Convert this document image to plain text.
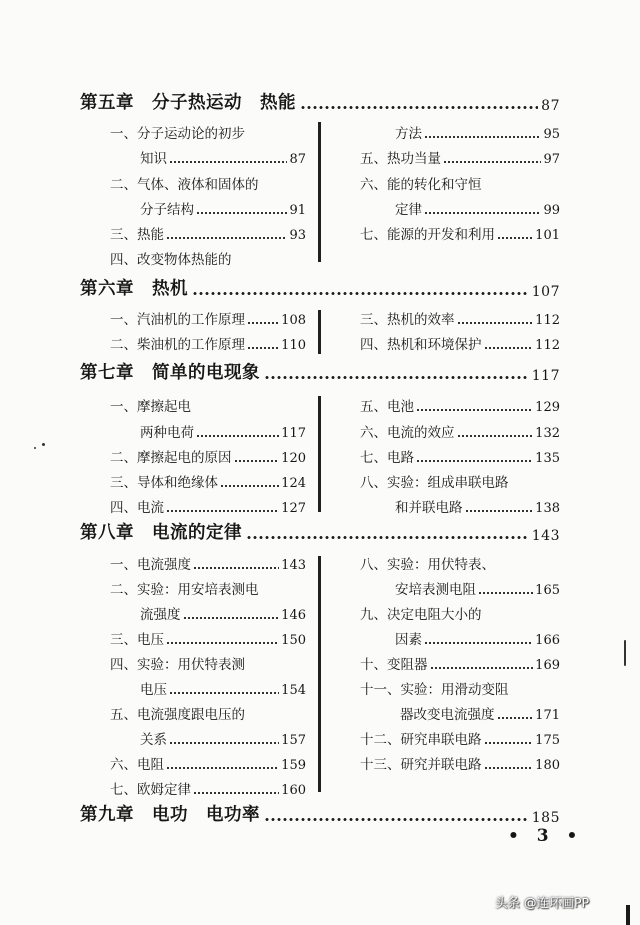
第五章　分子热运动　热能	87
一、分子运动论的初步
知识	87
二、气体、液体和固体的
分子结构	91
三、热能	93
四、改变物体热能的
方法	95
五、热功当量	97
六、能的转化和守恒
定律	99
七、能源的开发和利用	101
第六章　热机	107
一、汽油机的工作原理	108
二、柴油机的工作原理	110
三、热机的效率	112
四、热机和环境保护	112
第七章　简单的电现象	117
一、摩擦起电
两种电荷	117
二、摩擦起电的原因	120
三、导体和绝缘体	124
四、电流	127
五、电池	129
六、电流的效应	132
七、电路	135
八、实验：组成串联电路
和并联电路	138
第八章　电流的定律	143
一、电流强度	143
二、实验：用安培表测电
流强度	146
三、电压	150
四、实验：用伏特表测
电压	154
五、电流强度跟电压的
关系	157
六、电阻	159
七、欧姆定律	160
八、实验：用伏特表、
安培表测电阻	165
九、决定电阻大小的
因素	166
十、变阻器	169
十一、实验：用滑动变阻
器改变电流强度	171
十二、研究串联电路	175
十三、研究并联电路	180
第九章　电功　电功率	185
• 3 •
头条 @连环画PP
